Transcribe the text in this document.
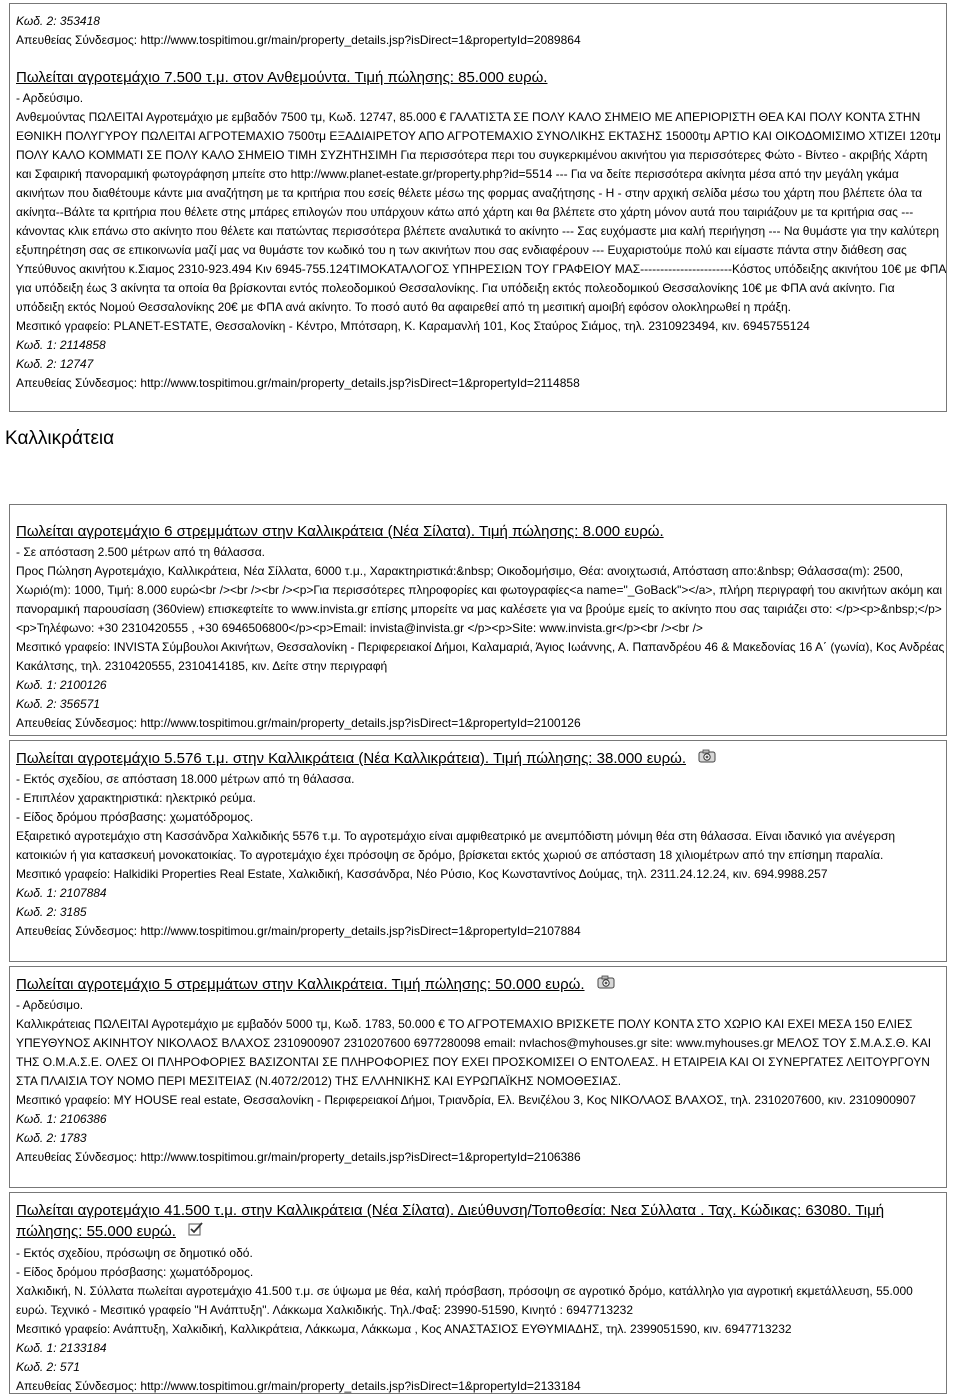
Κωδ. 2: 353418
Απευθείας Σύνδεσμος: http://www.tospitimou.gr/main/property_details.jsp?isDirect=1&propertyId=2089864
Πωλείται αγροτεμάχιο 7.500 τ.μ. στον Ανθεμούντα. Τιμή πώλησης: 85.000 ευρώ.
- Αρδεύσιμο.
Ανθεμούντας ΠΩΛΕΙΤΑΙ Αγροτεμάχιο με εμβαδόν 7500 τμ, Κωδ. 12747, 85.000 € ΓΑΛΑΤΙΣΤΑ ΣΕ ΠΟΛΥ ΚΑΛΟ ΣΗΜΕΙΟ ΜΕ ΑΠΕΡΙΟΡΙΣΤΗ ΘΕΑ ΚΑΙ ΠΟΛΥ ΚΟΝΤΑ ΣΤΗΝ ΕΘΝΙΚΗ ΠΟΛΥΓΥΡΟΥ ΠΩΛΕΙΤΑΙ ΑΓΡΟΤΕΜΑΧΙΟ 7500τμ ΕΞΑΔΙΑΙΡΕΤΟΥ ΑΠΟ ΑΓΡΟΤΕΜΑΧΙΟ ΣΥΝΟΛΙΚΗΣ ΕΚΤΑΣΗΣ 15000τμ ΑΡΤΙΟ ΚΑΙ ΟΙΚΟΔΟΜΙΣΙΜΟ ΧΤΙΖΕΙ 120τμ ΠΟΛΥ ΚΑΛΟ ΚΟΜΜΑΤΙ ΣΕ ΠΟΛΥ ΚΑΛΟ ΣΗΜΕΙΟ ΤΙΜΗ ΣΥΖΗΤΗΣΙΜΗ Για περισσότερα περι του συγκερκιμένου ακινήτου για περισσότερες Φώτο - Βίντεο - ακριβής Χάρτη και Σφαιρική πανοραμική φωτογράφηση μπείτε στο http://www.planet-estate.gr/property.php?id=5514 --- Για να δείτε περισσότερα ακίνητα μέσα από την μεγάλη γκάμα ακινήτων που διαθέτουμε κάντε μια αναζήτηση με τα κριτήρια που εσείς θέλετε μέσω της φορμας αναζήτησης - Η - στην αρχική σελίδα μέσω του χάρτη που βλέπετε όλα τα ακίνητα--Βάλτε τα κριτήρια που θέλετε στης μπάρες επιλογών που υπάρχουν κάτω από χάρτη και θα βλέπετε στο χάρτη μόνον αυτά που ταιριάζουν με τα κριτήρια σας --- κάνοντας κλικ επάνω στο ακίνητο που θέλετε και πατώντας περισσότερα βλέπετε αναλυτικά το ακίνητο --- Σας ευχόμαστε μια καλή περιήγηση --- Να θυμάστε για την καλύτερη εξυπηρέτηση σας σε επικοινωνία μαζί μας να θυμάστε τον κωδικό του η των ακινήτων που σας ενδιαφέρουν --- Ευχαριστούμε πολύ και είμαστε πάντα στην διάθεση σας Υπεύθυνος ακινήτου κ.Σιαμος 2310-923.494 Κιν 6945-755.124ΤΙΜΟΚΑΤΑΛΟΓΟΣ ΥΠΗΡΕΣΙΩΝ ΤΟΥ ΓΡΑΦΕΙΟΥ ΜΑΣ-----------------------Κόστος υπόδειξης ακινήτου 10€ με ΦΠΑ για υπόδειξη έως 3 ακίνητα τα οποία θα βρίσκονται εντός πολεοδομικού Θεσσαλονίκης. Για υπόδειξη εκτός πολεοδομικού Θεσσαλονίκης 10€ με ΦΠΑ ανά ακίνητο. Για υπόδειξη εκτός Νομού Θεσσαλονίκης 20€ με ΦΠΑ ανά ακίνητο. Το ποσό αυτό θα αφαιρεθεί από τη μεσιτική αμοιβή εφόσον ολοκληρωθεί η πράξη.
Μεσιτικό γραφείο: PLANET-ESTATE, Θεσσαλονίκη - Κέντρο, Μπότσαρη, Κ. Καραμανλή 101, Κος Σταύρος Σιάμος, τηλ. 2310923494, κιν. 6945755124
Κωδ. 1: 2114858
Κωδ. 2: 12747
Απευθείας Σύνδεσμος: http://www.tospitimou.gr/main/property_details.jsp?isDirect=1&propertyId=2114858
Καλλικράτεια
Πωλείται αγροτεμάχιο 6 στρεμμάτων στην Καλλικράτεια (Νέα Σίλατα). Τιμή πώλησης: 8.000 ευρώ.
- Σε απόσταση 2.500 μέτρων από τη θάλασσα.
Προς Πώληση Αγροτεμάχιο, Καλλικράτεια, Νέα Σίλλατα, 6000 τ.μ., Χαρακτηριστικά:&nbsp; Οικοδομήσιμο, Θέα: ανοιχτωσιά, Απόσταση απο:&nbsp; Θάλασσα(m): 2500, Χωριό(m): 1000, Τιμή: 8.000 ευρώ<br /><br /><br /><p>Για περισσότερες πληροφορίες και φωτογραφίες<a name="_GoBack"></a>, πλήρη περιγραφή του ακινήτων ακόμη και πανοραμική παρουσίαση (360view) επισκεφτείτε το www.invista.gr επίσης μπορείτε να μας καλέσετε για να βρούμε εμείς το ακίνητο που σας ταιριάζει στο: </p><p>&nbsp;</p><p>Τηλέφωνο: +30 2310420555 , +30 6946506800</p><p>Email: invista@invista.gr </p><p>Site: www.invista.gr</p><br /><br />
Μεσιτικό γραφείο: INVISTA Σύμβουλοι Ακινήτων, Θεσσαλονίκη - Περιφερειακοί Δήμοι, Καλαμαριά, Άγιος Ιωάννης, Α. Παπανδρέου 46 & Μακεδονίας 16 Α΄ (γωνία), Κος Ανδρέας Κακάλτσης, τηλ. 2310420555, 2310414185, κιν. Δείτε στην περιγραφή
Κωδ. 1: 2100126
Κωδ. 2: 356571
Απευθείας Σύνδεσμος: http://www.tospitimou.gr/main/property_details.jsp?isDirect=1&propertyId=2100126
Πωλείται αγροτεμάχιο 5.576 τ.μ. στην Καλλικράτεια (Νέα Καλλικράτεια). Τιμή πώλησης: 38.000 ευρώ.
- Εκτός σχεδίου, σε απόσταση 18.000 μέτρων από τη θάλασσα.
- Επιπλέον χαρακτηριστικά: ηλεκτρικό ρεύμα.
- Είδος δρόμου πρόσβασης: χωματόδρομος.
Εξαιρετικό αγροτεμάχιο στη Κασσάνδρα Χαλκιδικής 5576 τ.μ. Το αγροτεμάχιο είναι αμφιθεατρικό με ανεμπόδιστη μόνιμη θέα στη θάλασσα. Είναι ιδανικό για ανέγερση κατοικιών ή για κατασκευή μονοκατοικίας. Το αγροτεμάχιο έχει πρόσοψη σε δρόμο, βρίσκεται εκτός χωριού σε απόσταση 18 χιλιομέτρων από την επίσημη παραλία.
Μεσιτικό γραφείο: Halkidiki Properties Real Estate, Χαλκιδική, Κασσάνδρα, Νέο Ρύσιο, Κος Κωνσταντίνος Δούμας, τηλ. 2311.24.12.24, κιν. 694.9988.257
Κωδ. 1: 2107884
Κωδ. 2: 3185
Απευθείας Σύνδεσμος: http://www.tospitimou.gr/main/property_details.jsp?isDirect=1&propertyId=2107884
Πωλείται αγροτεμάχιο 5 στρεμμάτων στην Καλλικράτεια. Τιμή πώλησης: 50.000 ευρώ.
- Αρδεύσιμο.
Καλλικράτειας ΠΩΛΕΙΤΑΙ Αγροτεμάχιο με εμβαδόν 5000 τμ, Κωδ. 1783, 50.000 € ΤΟ ΑΓΡΟΤΕΜΑΧΙΟ ΒΡΙΣΚΕΤΕ ΠΟΛΥ ΚΟΝΤΑ ΣΤΟ ΧΩΡΙΟ ΚΑΙ ΕΧΕΙ ΜΕΣΑ 150 ΕΛΙΕΣ ΥΠΕΥΘΥΝΟΣ ΑΚΙΝΗΤΟΥ ΝΙΚΟΛΑΟΣ ΒΛΑΧΟΣ 2310900907 2310207600 6977280098 email: nvlachos@myhouses.gr site: www.myhouses.gr ΜΕΛΟΣ ΤΟΥ Σ.Μ.Α.Σ.Θ. ΚΑΙ ΤΗΣ Ο.Μ.Α.Σ.Ε. ΟΛΕΣ ΟΙ ΠΛΗΡΟΦΟΡΙΕΣ ΒΑΣΙΖΟΝΤΑΙ ΣΕ ΠΛΗΡΟΦΟΡΙΕΣ ΠΟΥ ΕΧΕΙ ΠΡΟΣΚΟΜΙΣΕΙ Ο ΕΝΤΟΛΕΑΣ. Η ΕΤΑΙΡΕΙΑ ΚΑΙ ΟΙ ΣΥΝΕΡΓΑΤΕΣ ΛΕΙΤΟΥΡΓΟΥΝ ΣΤΑ ΠΛΑΙΣΙΑ ΤΟΥ ΝΟΜΟ ΠΕΡΙ ΜΕΣΙΤΕΙΑΣ (Ν.4072/2012) ΤΗΣ ΕΛΛΗΝΙΚΗΣ ΚΑΙ ΕΥΡΩΠΑΪΚΗΣ ΝΟΜΟΘΕΣΙΑΣ.
Μεσιτικό γραφείο: MY HOUSE real estate, Θεσσαλονίκη - Περιφερειακοί Δήμοι, Τριανδρία, Ελ. Βενιζέλου 3, Κος ΝΙΚΟΛΑΟΣ ΒΛΑΧΟΣ, τηλ. 2310207600, κιν. 2310900907
Κωδ. 1: 2106386
Κωδ. 2: 1783
Απευθείας Σύνδεσμος: http://www.tospitimou.gr/main/property_details.jsp?isDirect=1&propertyId=2106386
Πωλείται αγροτεμάχιο 41.500 τ.μ. στην Καλλικράτεια (Νέα Σίλατα). Διεύθυνση/Τοποθεσία: Νεα Σύλλατα . Ταχ. Κώδικας: 63080. Τιμή πώλησης: 55.000 ευρώ.
- Εκτός σχεδίου, πρόσωψη σε δημοτικό οδό.
- Είδος δρόμου πρόσβασης: χωματόδρομος.
Χαλκιδική, Ν. Σύλλατα πωλείται αγροτεμάχιο 41.500 τ.μ. σε ύψωμα με θέα, καλή πρόσβαση, πρόσοψη σε αγροτικό δρόμο, κατάλληλο για αγροτική εκμετάλλευση, 55.000 ευρώ. Τεχνικό - Μεσιτικό γραφείο "Η Ανάπτυξη". Λάκκωμα Χαλκιδικής. Τηλ./Φαξ: 23990-51590, Κινητό : 6947713232
Μεσιτικό γραφείο: Ανάπτυξη, Χαλκιδική, Καλλικράτεια, Λάκκωμα, Λάκκωμα , Κος ΑΝΑΣΤΑΣΙΟΣ ΕΥΘΥΜΙΑΔΗΣ, τηλ. 2399051590, κιν. 6947713232
Κωδ. 1: 2133184
Κωδ. 2: 571
Απευθείας Σύνδεσμος: http://www.tospitimou.gr/main/property_details.jsp?isDirect=1&propertyId=2133184
